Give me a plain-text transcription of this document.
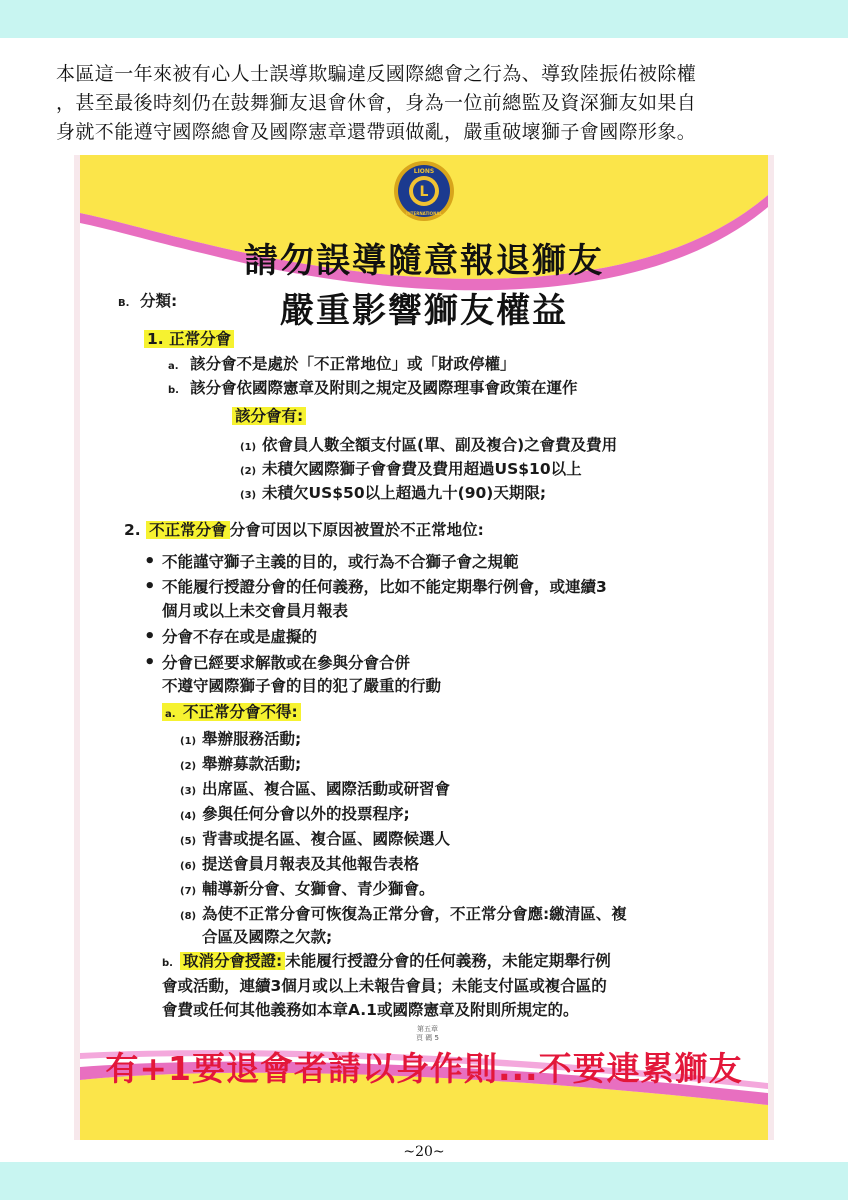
本區這一年來被有心人士誤導欺騙違反國際總會之行為、導致陸振佑被除權

，甚至最後時刻仍在鼓舞獅友退會休會，身為一位前總監及資深獅友如果自

身就不能遵守國際總會及國際憲章還帶頭做亂，嚴重破壞獅子會國際形象。

L
LIONS
INTERNATIONAL
請勿誤導隨意報退獅友
嚴重影響獅友權益
B. 分類:
1. 正常分會
a. 該分會不是處於「不正常地位」或「財政停權」
b. 該分會依國際憲章及附則之規定及國際理事會政策在運作
該分會有:
(1) 依會員人數全額支付區(單、副及複合)之會費及費用
(2) 未積欠國際獅子會會費及費用超過US$10以上
(3) 未積欠US$50以上超過九十(90)天期限;
2. 不正常分會 分會可因以下原因被置於不正常地位:
• 不能謹守獅子主義的目的，或行為不合獅子會之規範
• 不能履行授證分會的任何義務，比如不能定期舉行例會，或連續3
個月或以上未交會員月報表
• 分會不存在或是虛擬的
• 分會已經要求解散或在參與分會合併
不遵守國際獅子會的目的犯了嚴重的行動
a. 不正常分會不得:
(1) 舉辦服務活動;
(2) 舉辦募款活動;
(3) 出席區、複合區、國際活動或研習會
(4) 參與任何分會以外的投票程序;
(5) 背書或提名區、複合區、國際候選人
(6) 提送會員月報表及其他報告表格
(7) 輔導新分會、女獅會、青少獅會。
(8) 為使不正常分會可恢復為正常分會，不正常分會應:繳清區、複
合區及國際之欠款;
b. 取消分會授證: 未能履行授證分會的任何義務，未能定期舉行例
會或活動，連續3個月或以上未報告會員；未能支付區或複合區的
會費或任何其他義務如本章A.1或國際憲章及附則所規定的。
第五章
頁 碼 5
有+1要退會者請以身作則...不要連累獅友
~20~
